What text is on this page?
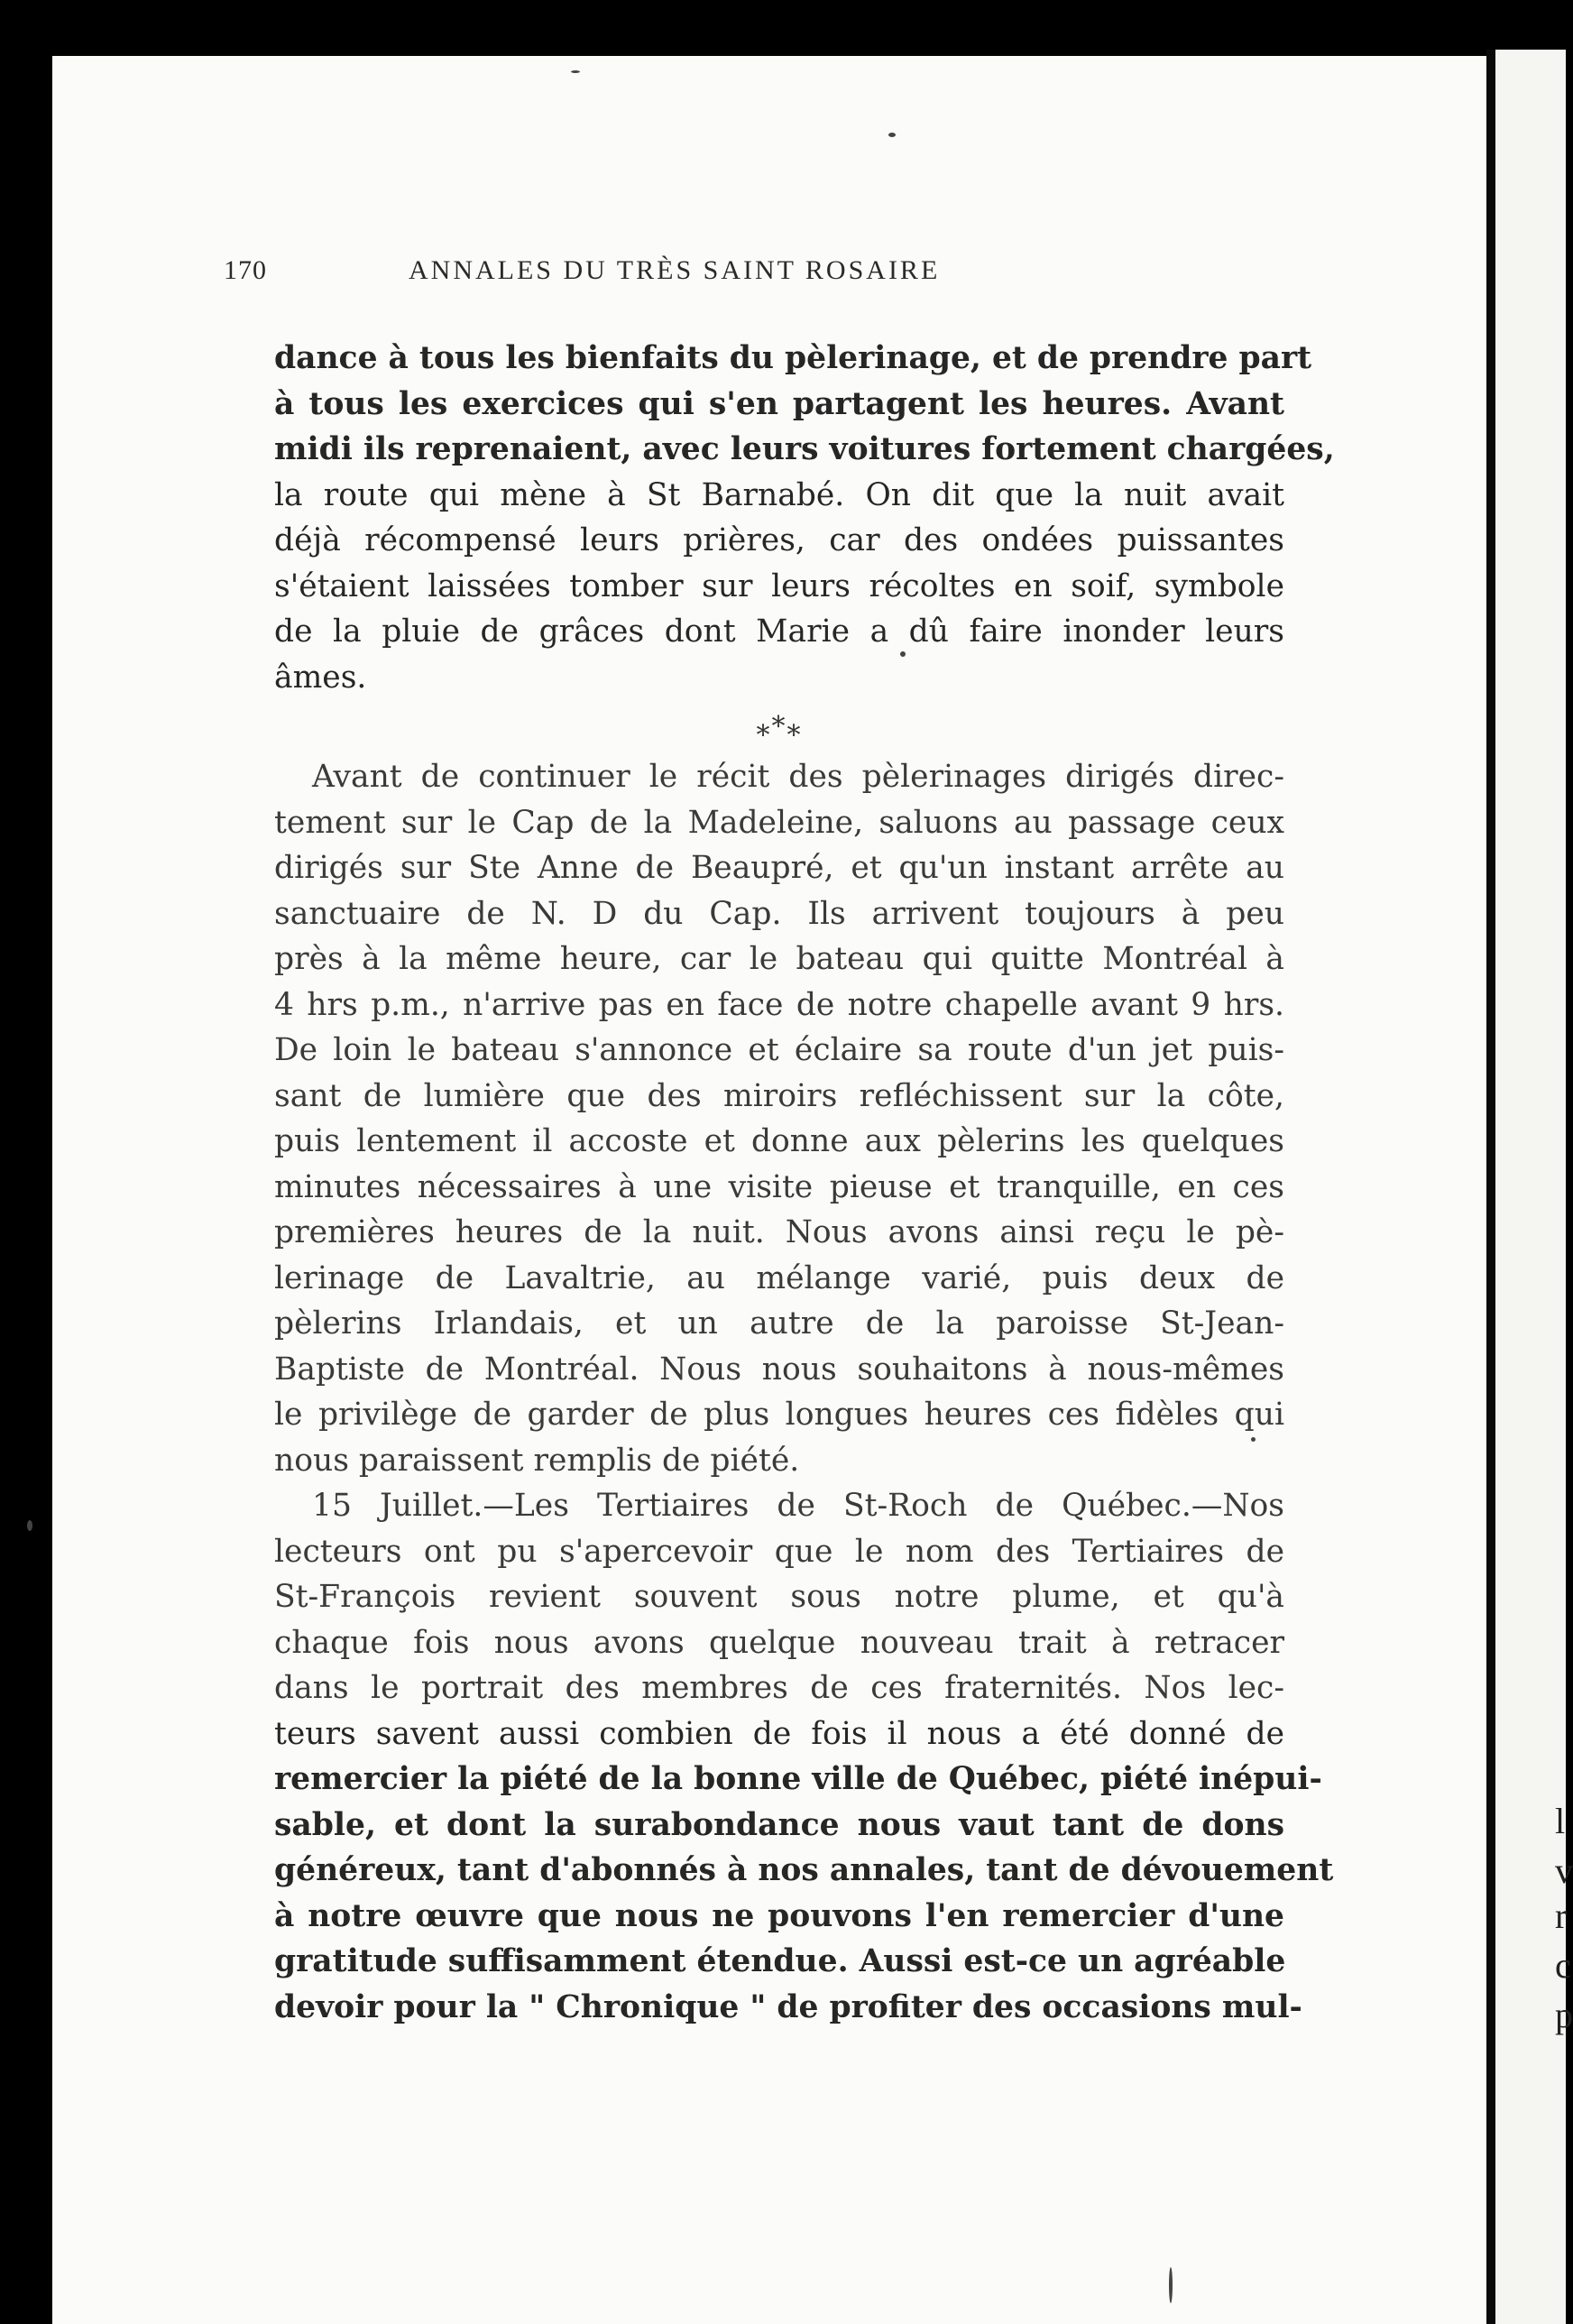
l
v
r
c
p
170	ANNALES DU TRÈS SAINT ROSAIRE
dance à tous les bienfaits du pèlerinage, et de prendre part
à tous les exercices qui s'en partagent les heures. Avant
midi ils reprenaient, avec leurs voitures fortement chargées,
la route qui mène à St Barnabé. On dit que la nuit avait
déjà récompensé leurs prières, car des ondées puissantes
s'étaient laissées tomber sur leurs récoltes en soif, symbole
de la pluie de grâces dont Marie a dû faire inonder leurs
âmes.
⁎*⁎
Avant de continuer le récit des pèlerinages dirigés direc-
tement sur le Cap de la Madeleine, saluons au passage ceux
dirigés sur Ste Anne de Beaupré, et qu'un instant arrête au
sanctuaire de N. D du Cap. Ils arrivent toujours à peu
près à la même heure, car le bateau qui quitte Montréal à
4 hrs p.m., n'arrive pas en face de notre chapelle avant 9 hrs.
De loin le bateau s'annonce et éclaire sa route d'un jet puis-
sant de lumière que des miroirs refléchissent sur la côte,
puis lentement il accoste et donne aux pèlerins les quelques
minutes nécessaires à une visite pieuse et tranquille, en ces
premières heures de la nuit. Nous avons ainsi reçu le pè-
lerinage de Lavaltrie, au mélange varié, puis deux de
pèlerins Irlandais, et un autre de la paroisse St-Jean-
Baptiste de Montréal. Nous nous souhaitons à nous-mêmes
le privilège de garder de plus longues heures ces fidèles qui
nous paraissent remplis de piété.
15 Juillet.—Les Tertiaires de St-Roch de Québec.—Nos
lecteurs ont pu s'apercevoir que le nom des Tertiaires de
St-François revient souvent sous notre plume, et qu'à
chaque fois nous avons quelque nouveau trait à retracer
dans le portrait des membres de ces fraternités. Nos lec-
teurs savent aussi combien de fois il nous a été donné de
remercier la piété de la bonne ville de Québec, piété inépui-
sable, et dont la surabondance nous vaut tant de dons
généreux, tant d'abonnés à nos annales, tant de dévouement
à notre œuvre que nous ne pouvons l'en remercier d'une
gratitude suffisamment étendue. Aussi est-ce un agréable
devoir pour la " Chronique " de profiter des occasions mul-
